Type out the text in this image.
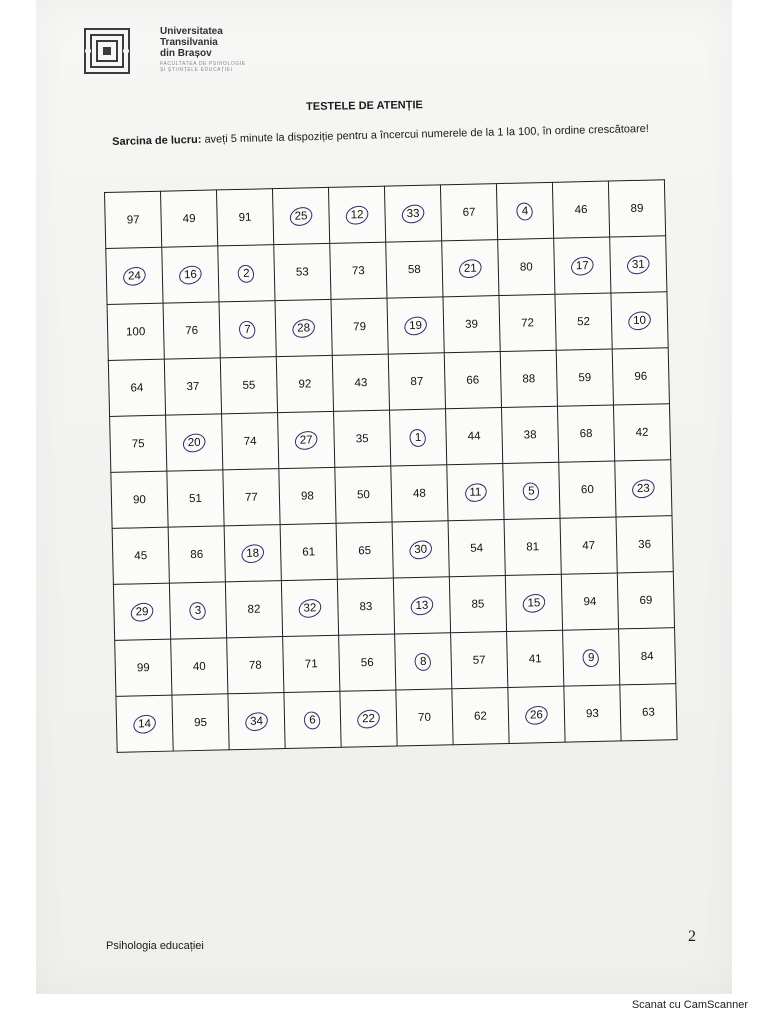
Universitatea
Transilvania
din Brașov
FACULTATEA DE PSIHOLOGIE
ȘI ȘTIINȚELE EDUCAȚIEI
TESTELE DE ATENȚIE
Sarcina de lucru: aveți 5 minute la dispoziție pentru a încercui numerele de la 1 la 100, în ordine crescătoare!
97	49	91	25	12	33	67	4	46	89
24	16	2	53	73	58	21	80	17	31
100	76	7	28	79	19	39	72	52	10
64	37	55	92	43	87	66	88	59	96
75	20	74	27	35	1	44	38	68	42
90	51	77	98	50	48	11	5	60	23
45	86	18	61	65	30	54	81	47	36
29	3	82	32	83	13	85	15	94	69
99	40	78	71	56	8	57	41	9	84
14	95	34	6	22	70	62	26	93	63
Psihologia educației
2
Scanat cu CamScanner
